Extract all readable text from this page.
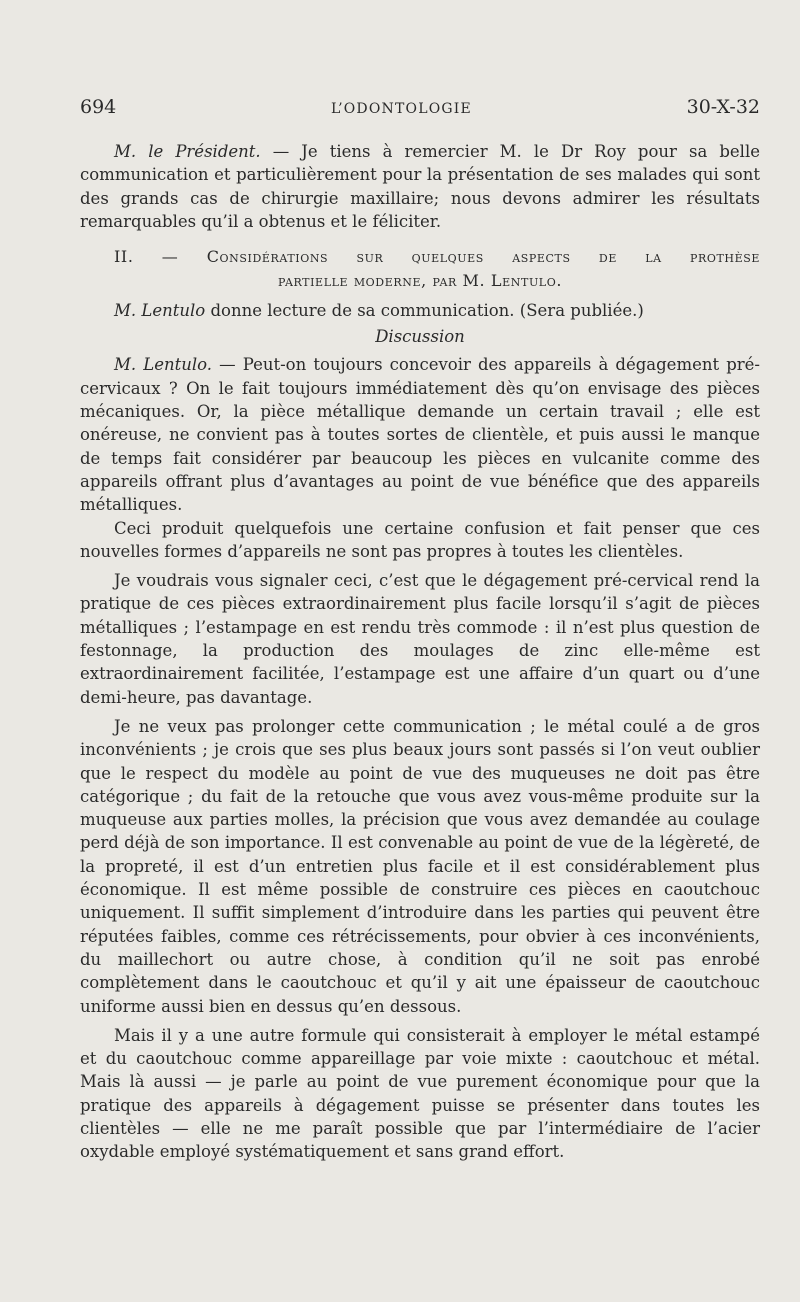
694	L’ODONTOLOGIE	30-X-32

M. le Président. — Je tiens à remercier M. le Dr Roy pour sa belle communication et particulièrement pour la présentation de ses malades qui sont des grands cas de chirurgie maxillaire; nous devons admirer les résultats remarquables qu’il a obtenus et le féliciter.

II. — Considérations sur quelques aspects de la prothèse
partielle moderne, par M. Lentulo.

M. Lentulo donne lecture de sa communication. (Sera publiée.)

Discussion

M. Lentulo. — Peut-on toujours concevoir des appareils à dégagement pré-cervicaux ? On le fait toujours immédiatement dès qu’on envisage des pièces mécaniques. Or, la pièce métallique demande un certain travail ; elle est onéreuse, ne convient pas à toutes sortes de clientèle, et puis aussi le manque de temps fait considérer par beaucoup les pièces en vulcanite comme des appareils offrant plus d’avantages au point de vue bénéfice que des appareils métalliques.

Ceci produit quelquefois une certaine confusion et fait penser que ces nouvelles formes d’appareils ne sont pas propres à toutes les clientèles.

Je voudrais vous signaler ceci, c’est que le dégagement pré-cervical rend la pratique de ces pièces extraordinairement plus facile lorsqu’il s’agit de pièces métalliques ; l’estampage en est rendu très commode : il n’est plus question de festonnage, la production des moulages de zinc elle-même est extraordinairement facilitée, l’estampage est une affaire d’un quart ou d’une demi-heure, pas davantage.

Je ne veux pas prolonger cette communication ; le métal coulé a de gros inconvénients ; je crois que ses plus beaux jours sont passés si l’on veut oublier que le respect du modèle au point de vue des muqueuses ne doit pas être catégorique ; du fait de la retouche que vous avez vous-même produite sur la muqueuse aux parties molles, la précision que vous avez demandée au coulage perd déjà de son importance. Il est convenable au point de vue de la légèreté, de la propreté, il est d’un entretien plus facile et il est considérablement plus économique. Il est même possible de construire ces pièces en caoutchouc uniquement. Il suffit simplement d’introduire dans les parties qui peuvent être réputées faibles, comme ces rétrécissements, pour obvier à ces inconvénients, du maillechort ou autre chose, à condition qu’il ne soit pas enrobé complètement dans le caoutchouc et qu’il y ait une épaisseur de caoutchouc uniforme aussi bien en dessus qu’en dessous.

Mais il y a une autre formule qui consisterait à employer le métal estampé et du caoutchouc comme appareillage par voie mixte : caoutchouc et métal. Mais là aussi — je parle au point de vue purement économique pour que la pratique des appareils à dégagement puisse se présenter dans toutes les clientèles — elle ne me paraît possible que par l’intermédiaire de l’acier oxydable employé systématiquement et sans grand effort.
